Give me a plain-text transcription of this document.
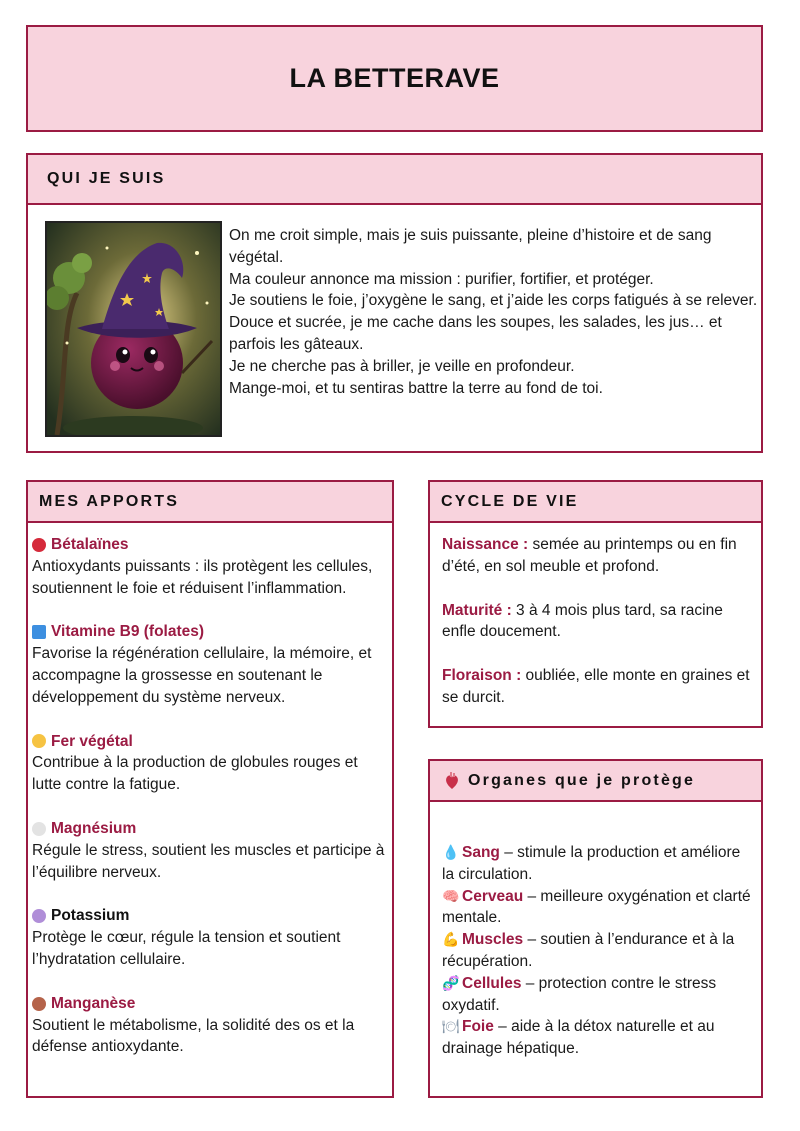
LA BETTERAVE
QUI JE SUIS
On me croit simple, mais je suis puissante, pleine d’histoire et de sang végétal.
Ma couleur annonce ma mission : purifier, fortifier, et protéger.
Je soutiens le foie, j’oxygène le sang, et j’aide les corps fatigués à se relever.
Douce et sucrée, je me cache dans les soupes, les salades, les jus… et parfois les gâteaux.
Je ne cherche pas à briller, je veille en profondeur.
Mange-moi, et tu sentiras battre la terre au fond de toi.
MES APPORTS
Bétalaïnes
Antioxydants puissants : ils protègent les cellules, soutiennent le foie et réduisent l’inflammation.
Vitamine B9 (folates)
Favorise la régénération cellulaire, la mémoire, et accompagne la grossesse en soutenant le développement du système nerveux.
Fer végétal
Contribue à la production de globules rouges et lutte contre la fatigue.
Magnésium
Régule le stress, soutient les muscles et participe à l’équilibre nerveux.
Potassium
Protège le cœur, régule la tension et soutient l’hydratation cellulaire.
Manganèse
Soutient le métabolisme, la solidité des os et la défense antioxydante.
CYCLE DE VIE
Naissance : semée au printemps ou en fin d’été, en sol meuble et profond.
Maturité : 3 à 4 mois plus tard, sa racine enfle doucement.
Floraison : oubliée, elle monte en graines et se durcit.
Organes que je protège
💧 Sang – stimule la production et améliore la circulation.
🧠 Cerveau – meilleure oxygénation et clarté mentale.
💪 Muscles – soutien à l’endurance et à la récupération.
🧬 Cellules – protection contre le stress oxydatif.
🍽 Foie – aide à la détox naturelle et au drainage hépatique.
